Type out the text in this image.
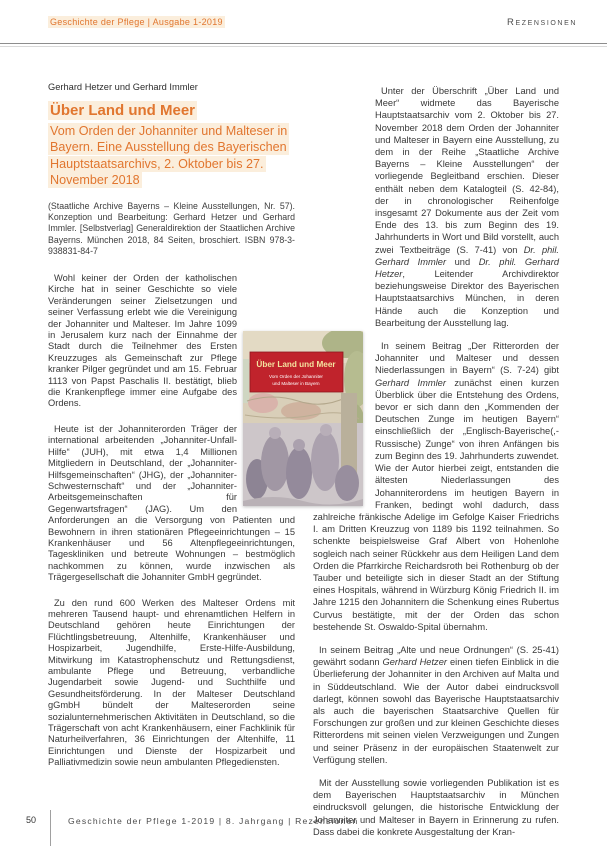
Geschichte der Pflege | Ausgabe 1-2019	Rezensionen

Gerhard Hetzer und Gerhard Immler

Über Land und Meer
Vom Orden der Johanniter und Malteser in Bayern. Eine Ausstellung des Bayerischen Hauptstaatsarchivs, 2. Oktober bis 27. November 2018

(Staatliche Archive Bayerns – Kleine Ausstellungen, Nr. 57). Konzeption und Bearbeitung: Gerhard Hetzer und Gerhard Immler. [Selbstverlag] Generaldirektion der Staatlichen Archive Bayerns. München 2018, 84 Seiten, broschiert. ISBN 978-3-938831-84-7

Wohl keiner der Orden der katholischen Kirche hat in seiner Geschichte so viele Veränderungen seiner Zielsetzungen und seiner Verfassung erlebt wie die Vereinigung der Johanniter und Malteser. Im Jahre 1099 in Jerusalem kurz nach der Einnahme der Stadt durch die Teilnehmer des Ersten Kreuzzuges als Gemeinschaft zur Pflege kranker Pilger gegründet und am 15. Februar 1113 von Papst Paschalis II. bestätigt, blieb die Krankenpflege immer eine Aufgabe des Ordens.

Heute ist der Johanniterorden Träger der international arbeitenden „Johanniter-Unfall-Hilfe“ (JUH), mit etwa 1,4 Millionen Mitgliedern in Deutschland, der „Johanniter-Hilfsgemeinschaften“ (JHG), der „Johanniter-Schwesternschaft“ und der „Johanniter-Arbeitsgemeinschaften für Gegenwartsfragen“ (JAG). Um den Anforderungen an die Versorgung von Patienten und Bewohnern in ihren stationären Pflegeeinrichtungen – 15 Krankenhäuser und 56 Altenpflegeeinrichtungen, Tageskliniken und betreute Wohnungen – bestmöglich nachkommen zu können, wurde inzwischen als Trägergesellschaft die Johanniter GmbH gegründet.

Zu den rund 600 Werken des Malteser Ordens mit mehreren Tausend haupt- und ehrenamtlichen Helfern in Deutschland gehören heute Einrichtungen der Flüchtlingsbetreuung, Altenhilfe, Krankenhäuser und Hospizarbeit, Jugendhilfe, Erste-Hilfe-Ausbildung, Mitwirkung im Katastrophenschutz und Rettungsdienst, ambulante Pflege und Betreuung, verbandliche Jugendarbeit sowie Jugend- und Suchthilfe und Gesundheitsförderung. In der Malteser Deutschland gGmbH bündelt der Malteserorden seine sozialunternehmerischen Aktivitäten in Deutschland, so die Trägerschaft von acht Krankenhäusern, einer Fachklinik für Naturheilverfahren, 36 Einrichtungen der Altenhilfe, 11 Einrichtungen und Dienste der Hospizarbeit und Palliativmedizin sowie neun ambulanten Pflegediensten.

Unter der Überschrift „Über Land und Meer“ widmete das Bayerische Hauptstaatsarchiv vom 2. Oktober bis 27. November 2018 dem Orden der Johanniter und Malteser in Bayern eine Ausstellung, zu dem in der Reihe „Staatliche Archive Bayerns – Kleine Ausstellungen“ der vorliegende Begleitband erschien. Dieser enthält neben dem Katalogteil (S. 42-84), der in chronologischer Reihenfolge insgesamt 27 Dokumente aus der Zeit vom Ende des 13. bis zum Beginn des 19. Jahrhunderts in Wort und Bild vorstellt, auch zwei Textbeiträge (S. 7-41) von Dr. phil. Gerhard Immler und Dr. phil. Gerhard Hetzer, Leitender Archivdirektor beziehungsweise Direktor des Bayerischen Hauptstaatsarchivs München, in deren Hände auch die Konzeption und Bearbeitung der Ausstellung lag.

In seinem Beitrag „Der Ritterorden der Johanniter und Malteser und dessen Niederlassungen in Bayern“ (S. 7-24) gibt Gerhard Immler zunächst einen kurzen Überblick über die Entstehung des Ordens, bevor er sich dann den „Kommenden der Deutschen Zunge im heutigen Bayern“ einschließlich der „Englisch-Bayerische(,-Russische) Zunge“ von ihren Anfängen bis zum Beginn des 19. Jahrhunderts zuwendet. Wie der Autor hierbei zeigt, entstanden die ältesten Niederlassungen des Johanniterordens im heutigen Bayern in Franken, bedingt wohl dadurch, dass zahlreiche fränkische Adelige im Gefolge Kaiser Friedrichs I. am Dritten Kreuzzug von 1189 bis 1192 teilnahmen. So schenkte beispielsweise Graf Albert von Hohenlohe sogleich nach seiner Rückkehr aus dem Heiligen Land dem Orden die Pfarrkirche Reichardsroth bei Rothenburg ob der Tauber und beteiligte sich in dieser Stadt an der Stiftung eines Hospitals, während in Würzburg König Friedrich II. im Jahre 1215 den Johannitern die Schenkung eines Rubertus Curvus bestätigte, mit der der Orden das schon bestehende St. Oswaldo-Spital übernahm.

In seinem Beitrag „Alte und neue Ordnungen“ (S. 25-41) gewährt sodann Gerhard Hetzer einen tiefen Einblick in die Überlieferung der Johanniter in den Archiven auf Malta und in Süddeutschland. Wie der Autor dabei eindrucksvoll darlegt, können sowohl das Bayerische Hauptstaatsarchiv als auch die bayerischen Staatsarchive Quellen für Forschungen zur großen und zur kleinen Geschichte dieses Ritterordens mit seinen vielen Verzweigungen und Zungen und seiner Präsenz in der europäischen Staatenwelt zur Verfügung stellen.

Mit der Ausstellung sowie vorliegenden Publikation ist es dem Bayerischen Hauptstaatsarchiv in München eindrucksvoll gelungen, die historische Entwicklung der Johanniter und Malteser in Bayern in Erinnerung zu rufen. Dass dabei die konkrete Ausgestaltung der Kran-

Über Land und Meer
Vom Orden der Johanniter
und Malteser in Bayern
50	Geschichte der Pflege 1-2019 | 8. Jahrgang | Rezensionen
